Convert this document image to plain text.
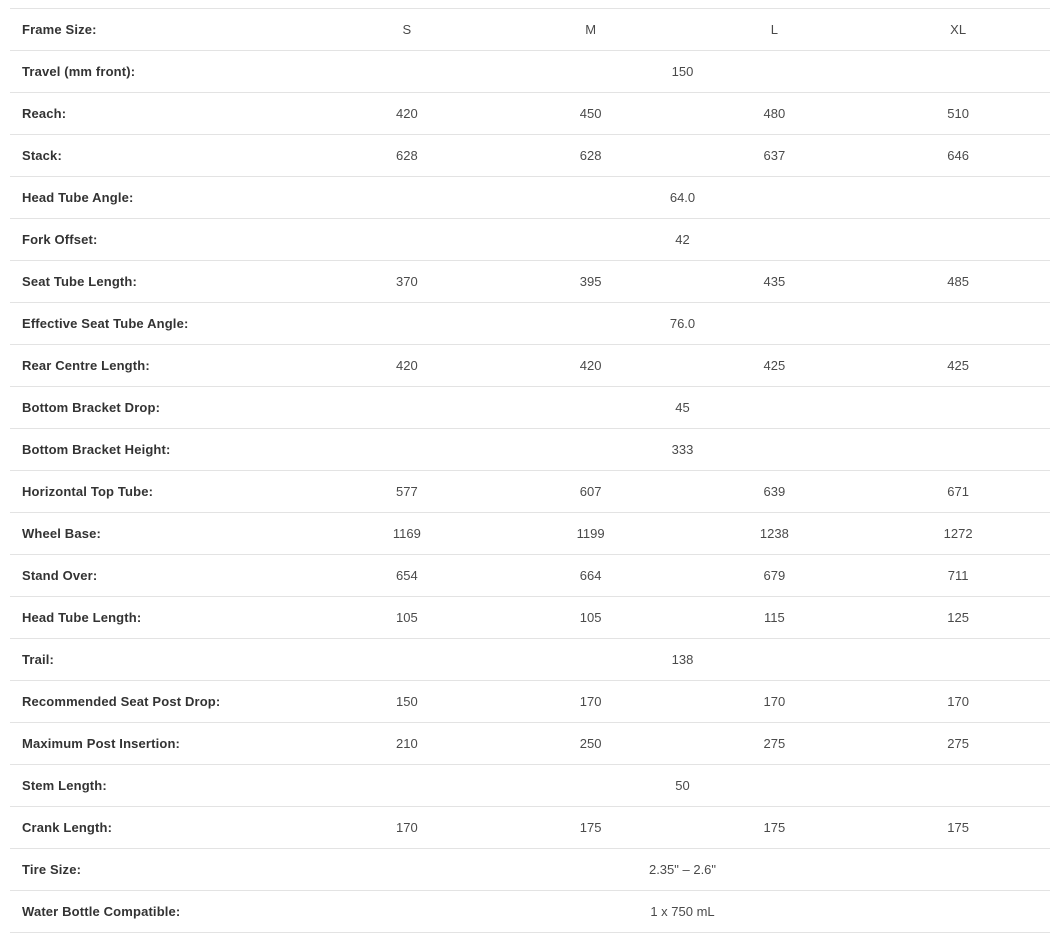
Frame Size:	S	M	L	XL
Travel (mm front):	150			
Reach:	420	450	480	510
Stack:	628	628	637	646
Head Tube Angle:	64.0			
Fork Offset:	42			
Seat Tube Length:	370	395	435	485
Effective Seat Tube Angle:	76.0			
Rear Centre Length:	420	420	425	425
Bottom Bracket Drop:	45			
Bottom Bracket Height:	333			
Horizontal Top Tube:	577	607	639	671
Wheel Base:	1169	1199	1238	1272
Stand Over:	654	664	679	711
Head Tube Length:	105	105	115	125
Trail:	138			
Recommended Seat Post Drop:	150	170	170	170
Maximum Post Insertion:	210	250	275	275
Stem Length:	50			
Crank Length:	170	175	175	175
Tire Size:	2.35" – 2.6"			
Water Bottle Compatible:	1 x 750 mL			
